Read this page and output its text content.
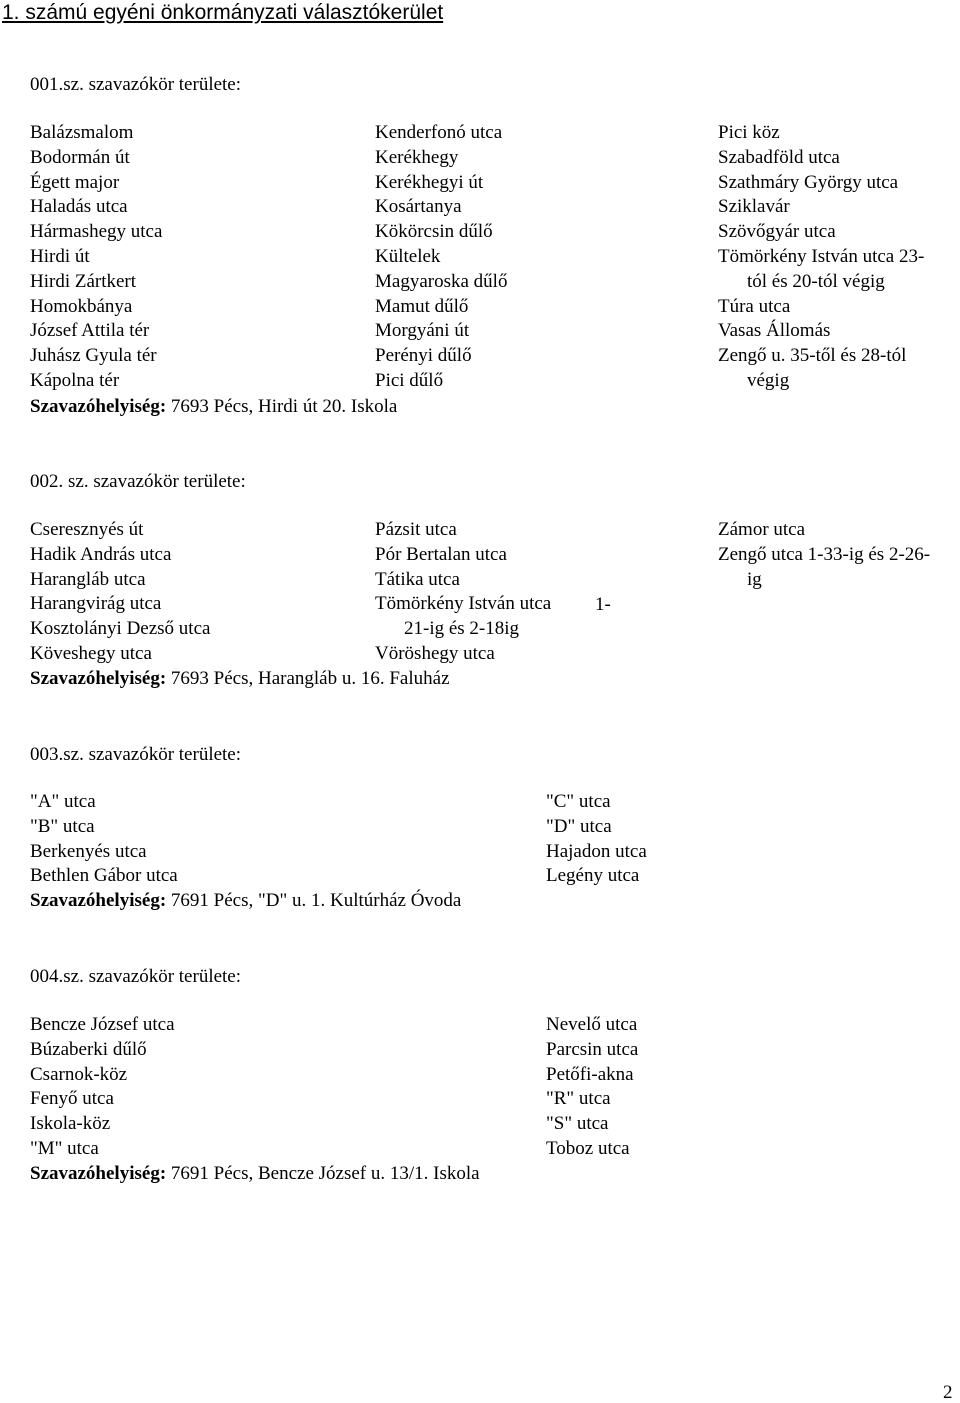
1. számú egyéni önkormányzati választókerület
001.sz. szavazókör területe:
Balázsmalom
Bodormán út
Égett major
Haladás utca
Hármashegy utca
Hirdi út
Hirdi Zártkert
Homokbánya
József Attila tér
Juhász Gyula tér
Kápolna tér
Kenderfonó utca
Kerékhegy
Kerékhegyi út
Kosártanya
Kökörcsin dűlő
Kültelek
Magyaroska dűlő
Mamut dűlő
Morgyáni út
Perényi dűlő
Pici dűlő
Pici köz
Szabadföld utca
Szathmáry György utca
Sziklavár
Szövőgyár utca
Tömörkény István utca 23-
tól és 20-tól végig
Túra utca
Vasas Állomás
Zengő u. 35-től és 28-tól
végig
Szavazóhelyiség: 7693 Pécs, Hirdi út 20. Iskola
002. sz. szavazókör területe:
Cseresznyés út
Hadik András utca
Harangláb utca
Harangvirág utca
Kosztolányi Dezső utca
Köveshegy utca
Pázsit utca
Pór Bertalan utca
Tátika utca
Tömörkény István utca
21-ig és 2-18ig
Vöröshegy utca
1-
Zámor utca
Zengő utca 1-33-ig és 2-26-
ig
Szavazóhelyiség: 7693 Pécs, Harangláb u. 16. Faluház
003.sz. szavazókör területe:
"A" utca
"B" utca
Berkenyés utca
Bethlen Gábor utca
"C" utca
"D" utca
Hajadon utca
Legény utca
Szavazóhelyiség: 7691 Pécs, "D" u. 1. Kultúrház Óvoda
004.sz. szavazókör területe:
Bencze József utca
Búzaberki dűlő
Csarnok-köz
Fenyő utca
Iskola-köz
"M" utca
Nevelő utca
Parcsin utca
Petőfi-akna
"R" utca
"S" utca
Toboz utca
Szavazóhelyiség: 7691 Pécs, Bencze József u. 13/1. Iskola
2
